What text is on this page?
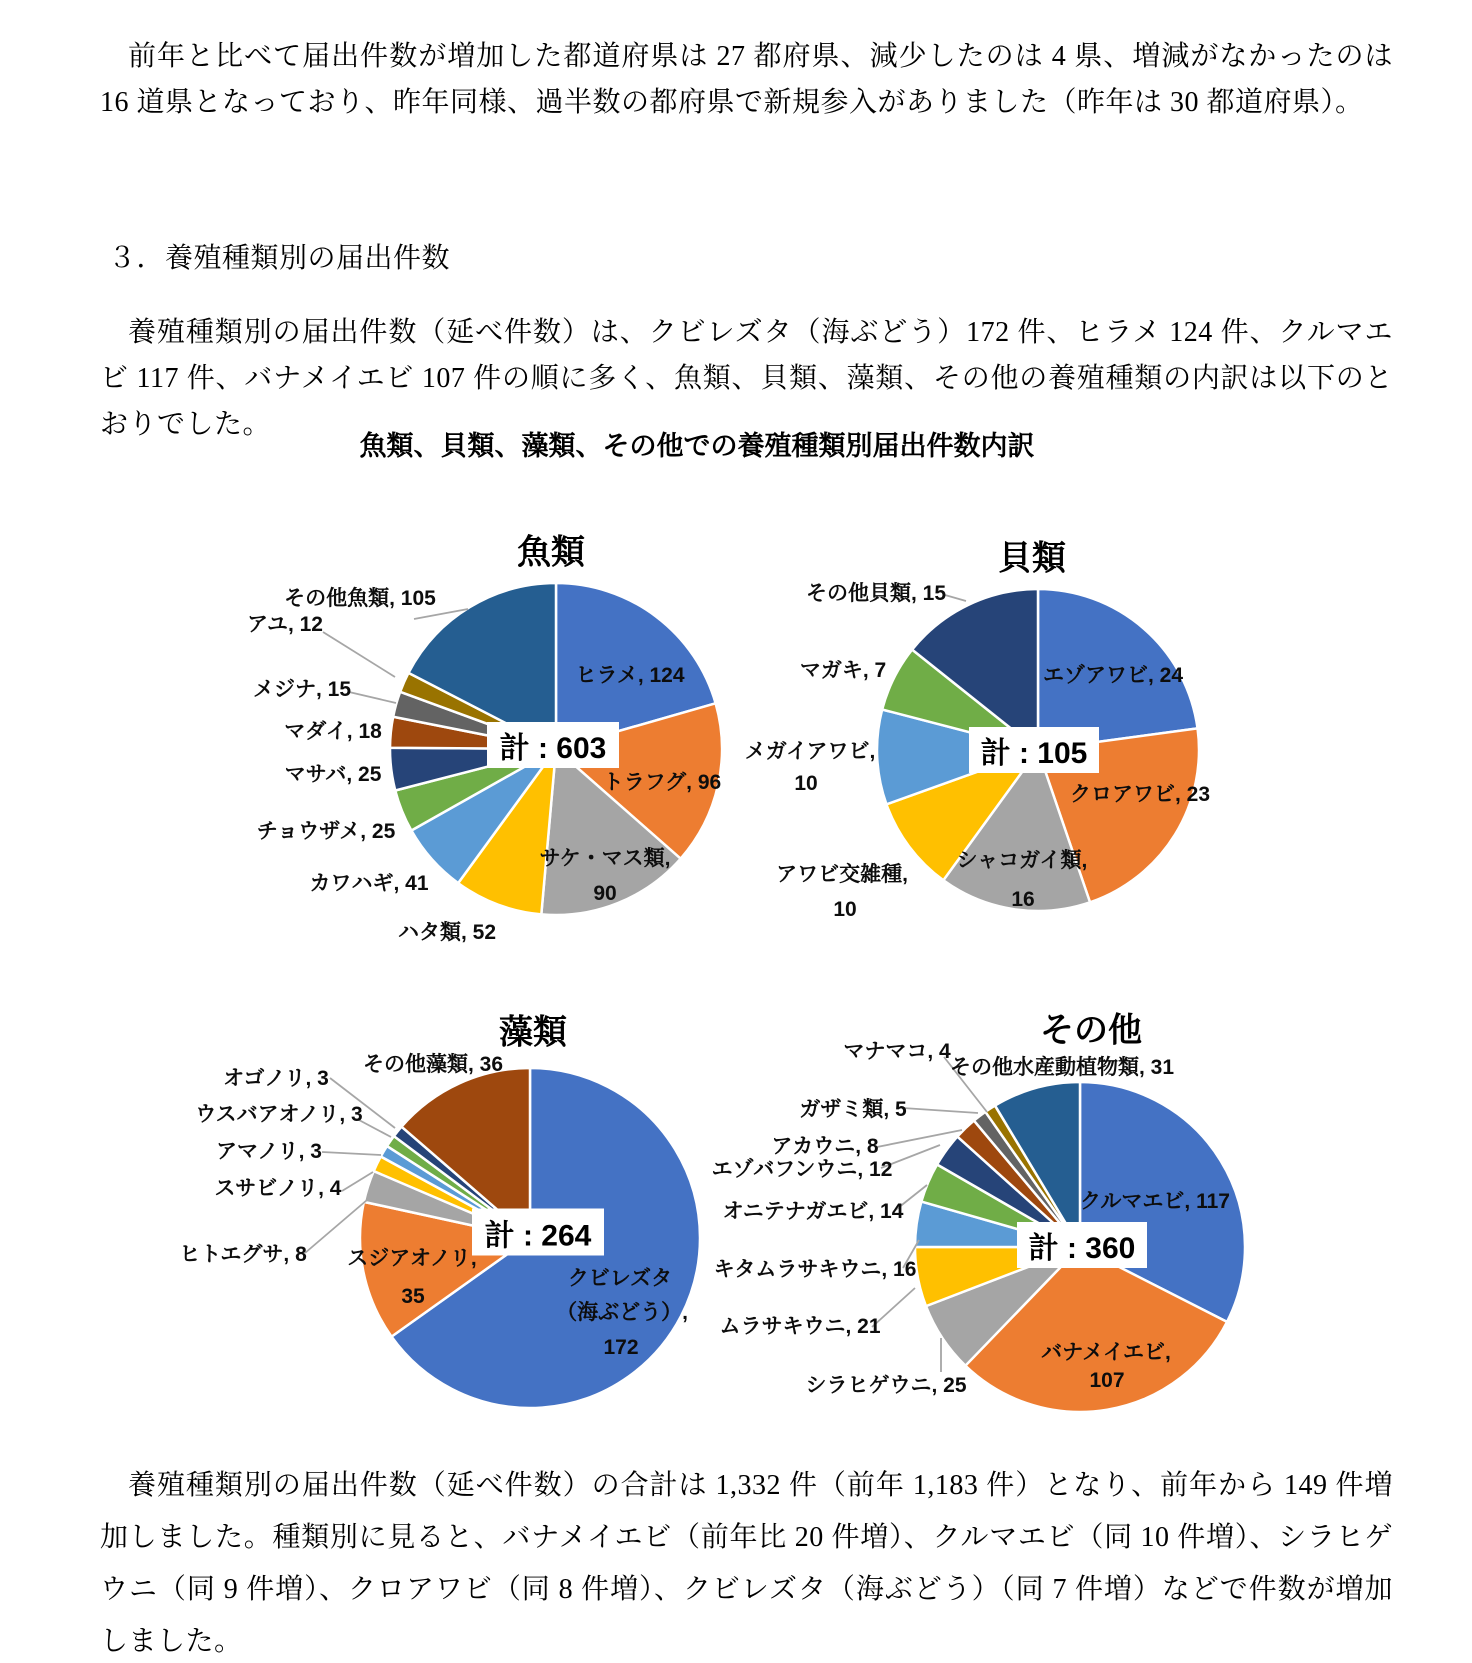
前年と比べて届出件数が増加した都道府県は 27 都府県、減少したのは 4 県、増減がなかったのは 16 道県となっており、昨年同様、過半数の都府県で新規参入がありました（昨年は 30 都道府県）。

３．養殖種類別の届出件数

養殖種類別の届出件数（延べ件数）は、クビレズタ（海ぶどう）172 件、ヒラメ 124 件、クルマエビ 117 件、バナメイエビ 107 件の順に多く、魚類、貝類、藻類、その他の養殖種類の内訳は以下のとおりでした。

魚類、貝類、藻類、その他での養殖種類別届出件数内訳
魚類
計 : 603
ヒラメ, 124
トラフグ, 96
サケ・マス類,
90
ハタ類, 52
カワハギ, 41
チョウザメ, 25
マサバ, 25
マダイ, 18
メジナ, 15
アユ, 12
その他魚類, 105
貝類
計 : 105
エゾアワビ, 24
クロアワビ, 23
シャコガイ類,
16
アワビ交雑種,
10
メガイアワビ,
10
マガキ, 7
その他貝類, 15
藻類
計 : 264
クビレズタ
（海ぶどう）,
172
スジアオノリ,
35
その他藻類, 36
オゴノリ, 3
ウスバアオノリ, 3
アマノリ, 3
スサビノリ, 4
ヒトエグサ, 8
その他
計 : 360
クルマエビ, 117
バナメイエビ,
107
シラヒゲウニ, 25
ムラサキウニ, 21
キタムラサキウニ, 16
オニテナガエビ, 14
エゾバフンウニ, 12
アカウニ, 8
ガザミ類, 5
マナマコ, 4
その他水産動植物類, 31

養殖種類別の届出件数（延べ件数）の合計は 1,332 件（前年 1,183 件）となり、前年から 149 件増加しました。種類別に見ると、バナメイエビ（前年比 20 件増）、クルマエビ（同 10 件増）、シラヒゲウニ（同 9 件増）、クロアワビ（同 8 件増）、クビレズタ（海ぶどう）（同 7 件増）などで件数が増加しました。
